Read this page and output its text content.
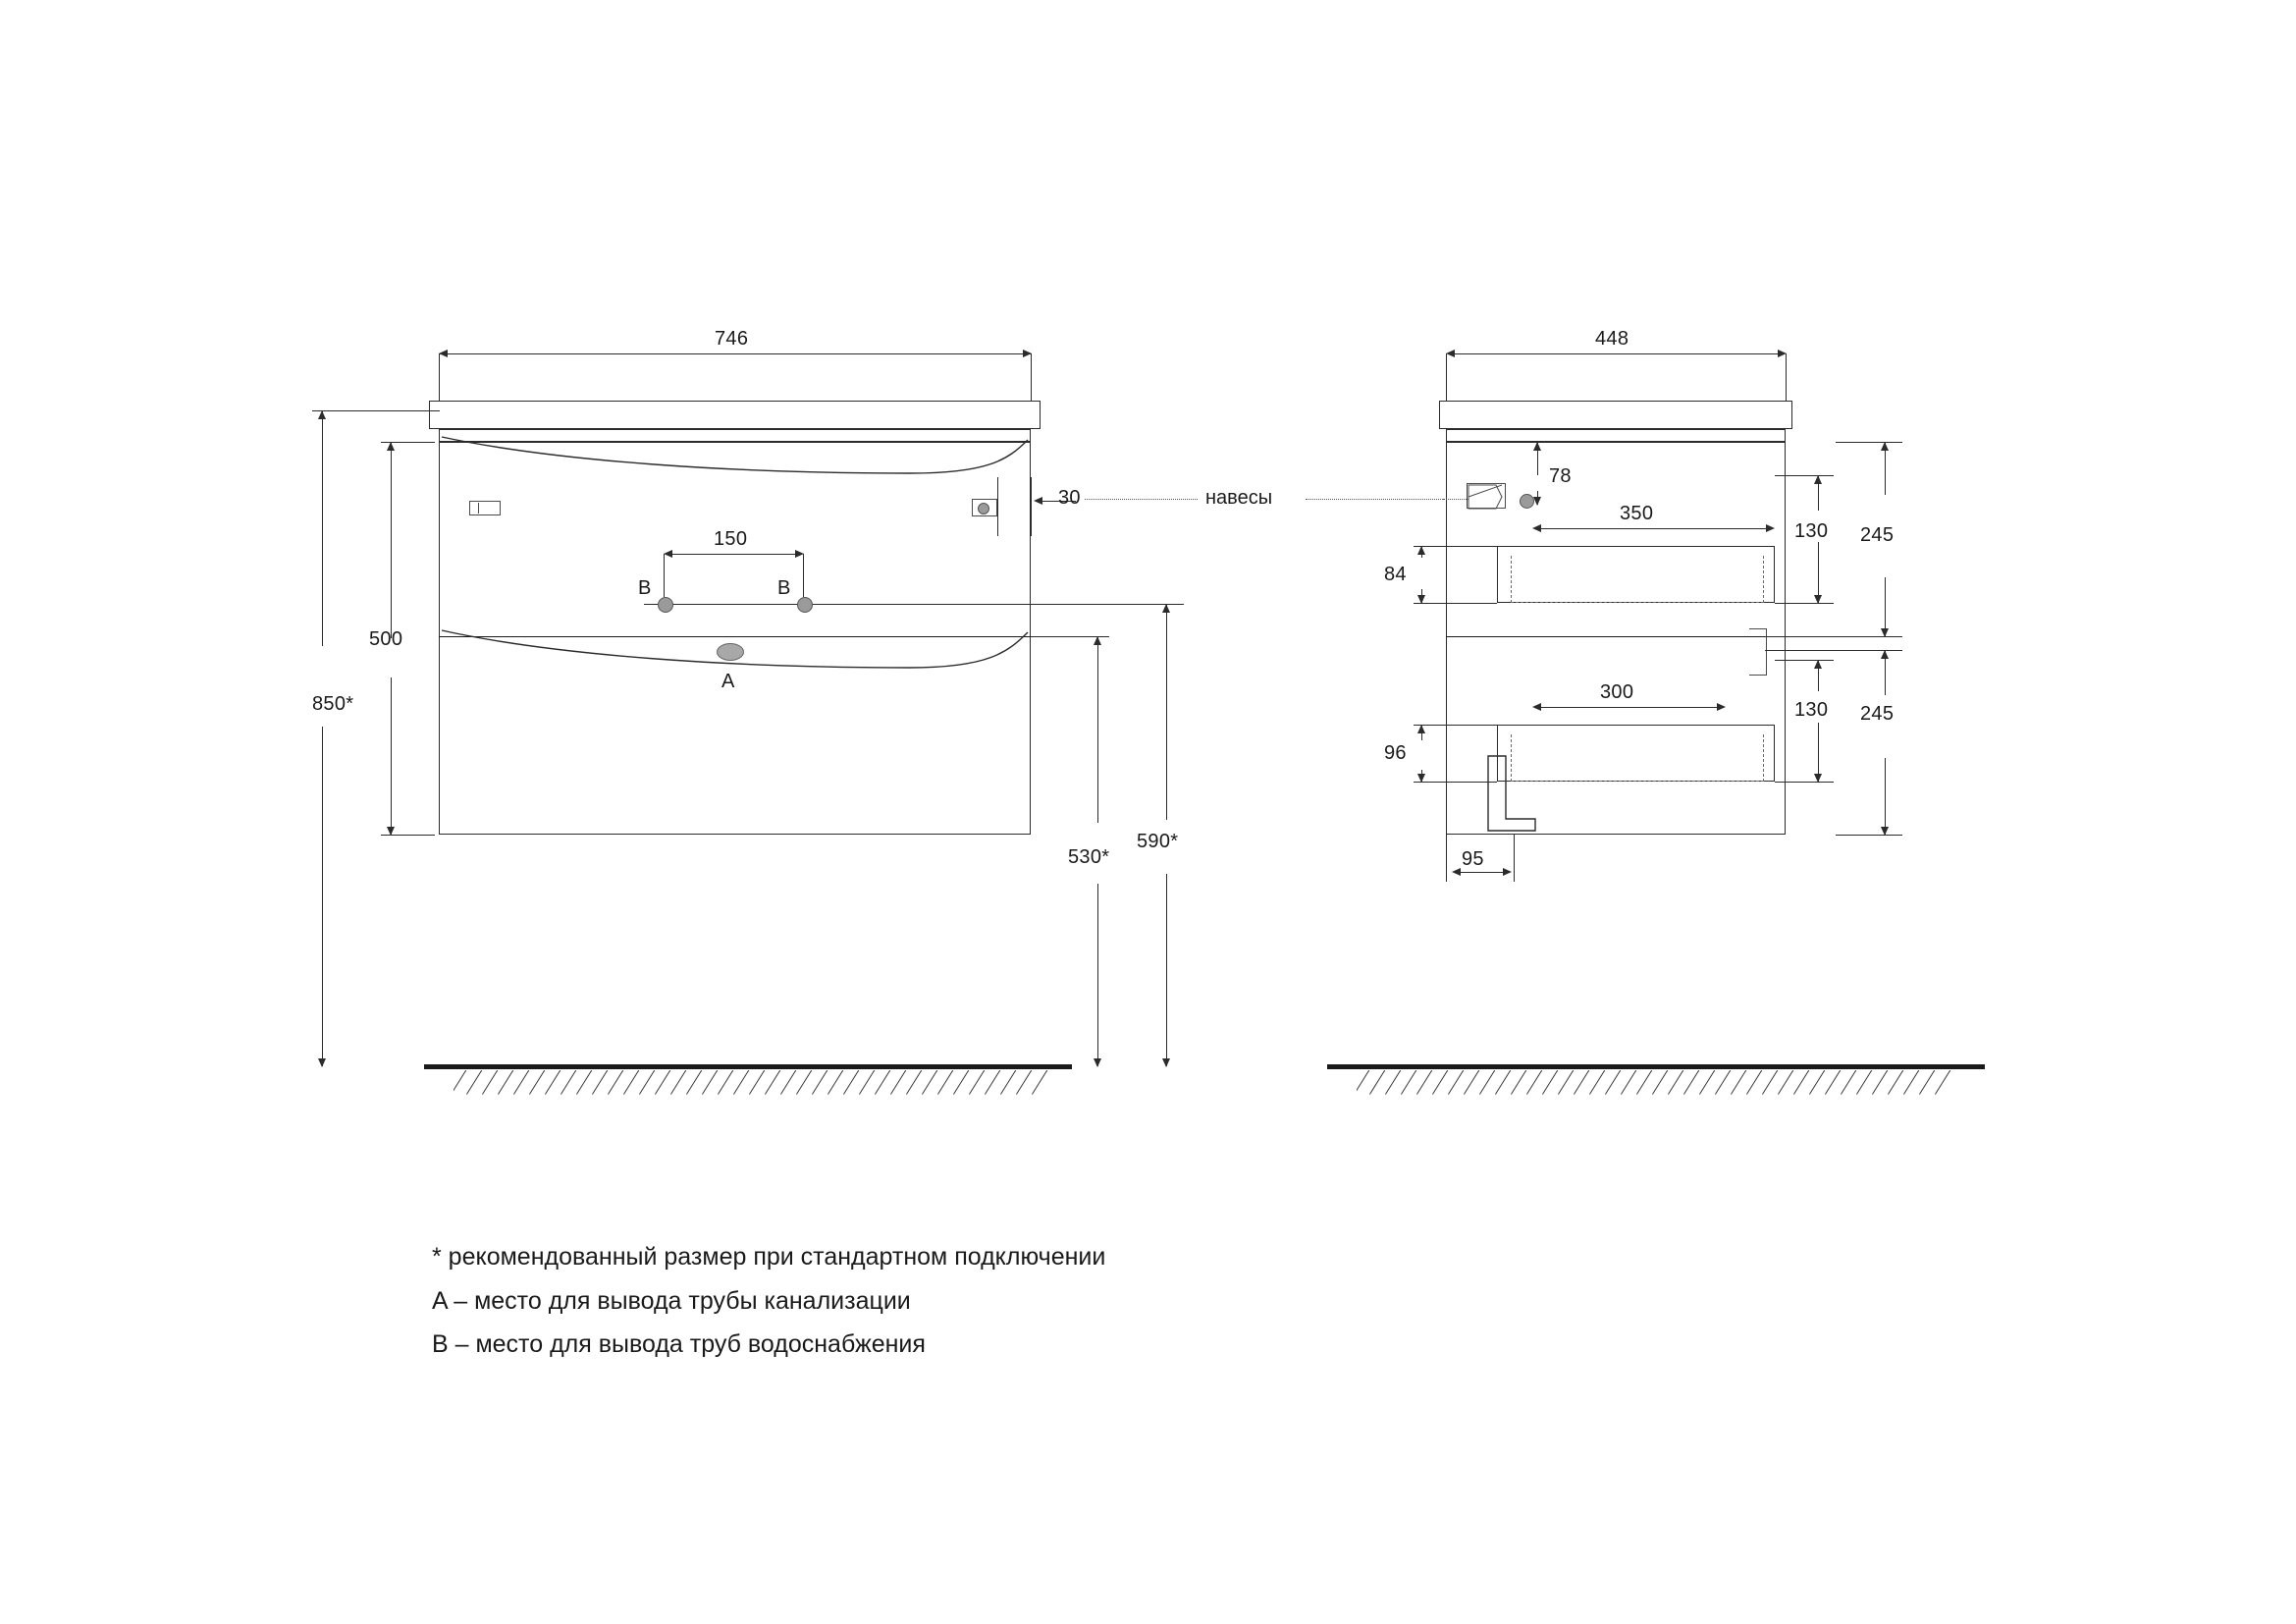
746
30	навесы
150
B	B
A
500
850*
530*
590*
448
78
350
84
130 245
300
96
130 245
95
* рекомендованный размер при стандартном подключении
A – место для вывода трубы канализации
B – место для вывода труб водоснабжения
